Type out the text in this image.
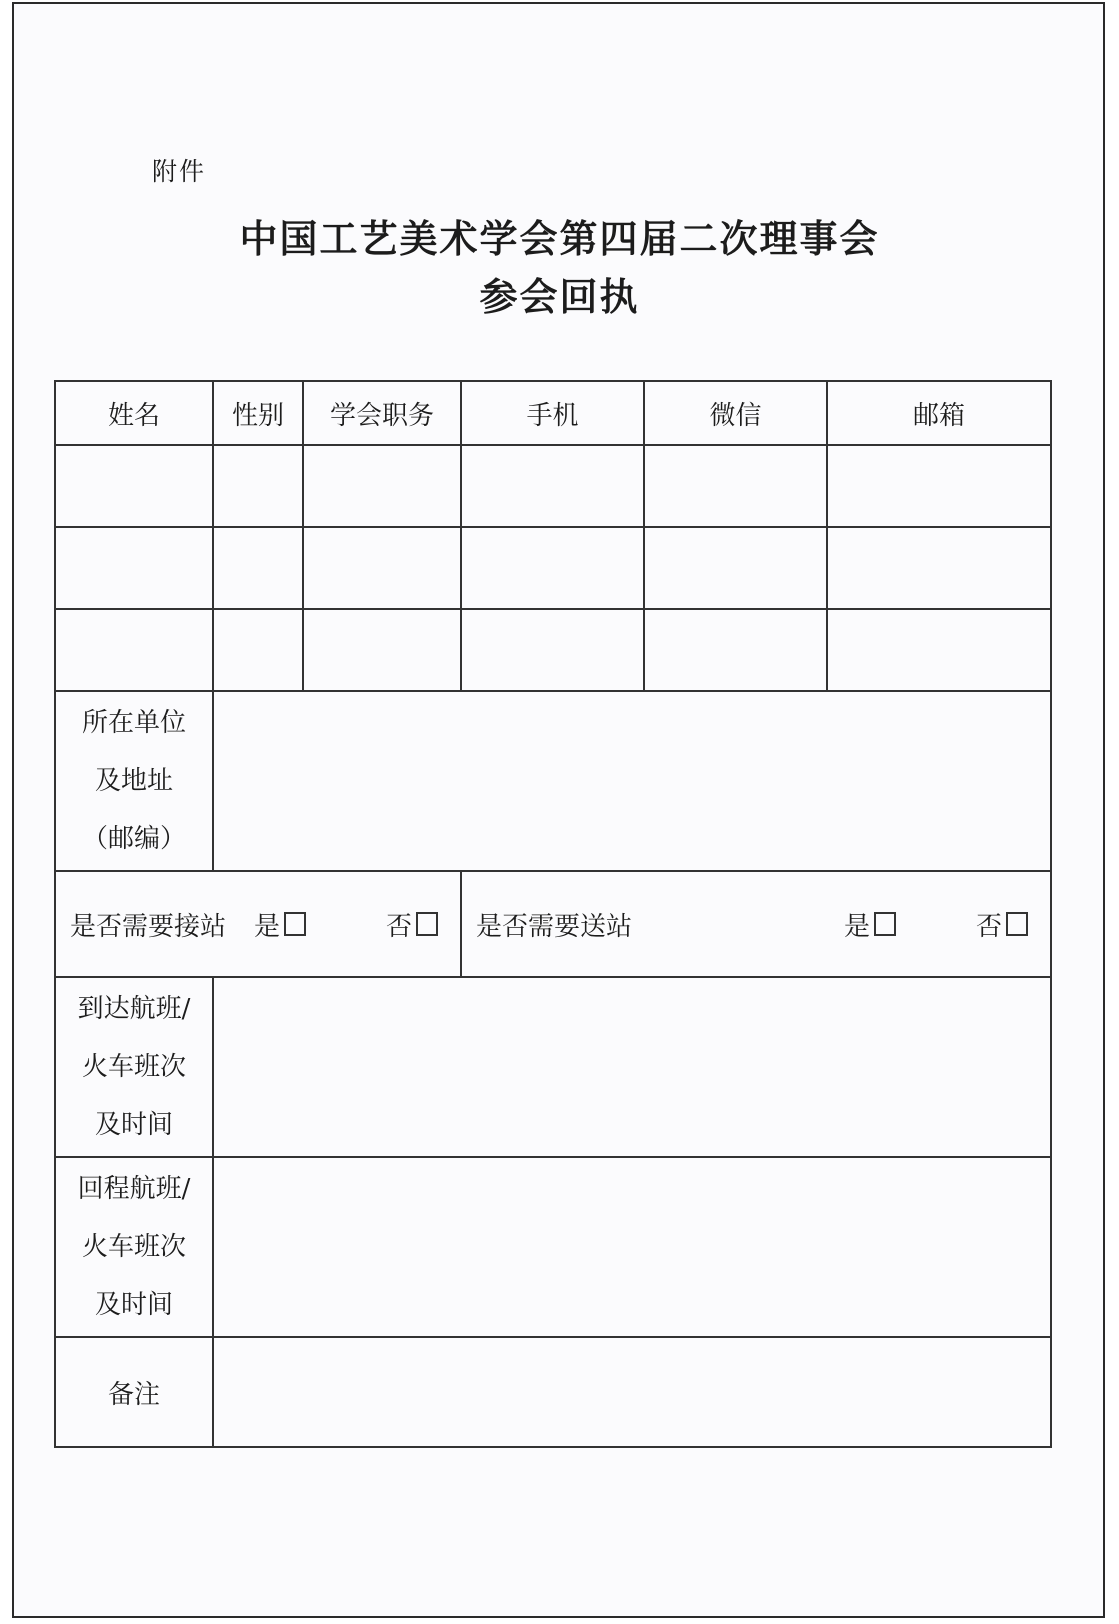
附件
中国工艺美术学会第四届二次理事会
参会回执
姓名	性别	学会职务	手机	微信	邮箱

所在单位
及地址
（邮编）					

是否需要接站 是 否			是否需要送站 是 否		

到达航班/
火车班次
及时间					

回程航班/
火车班次
及时间					

备注					
